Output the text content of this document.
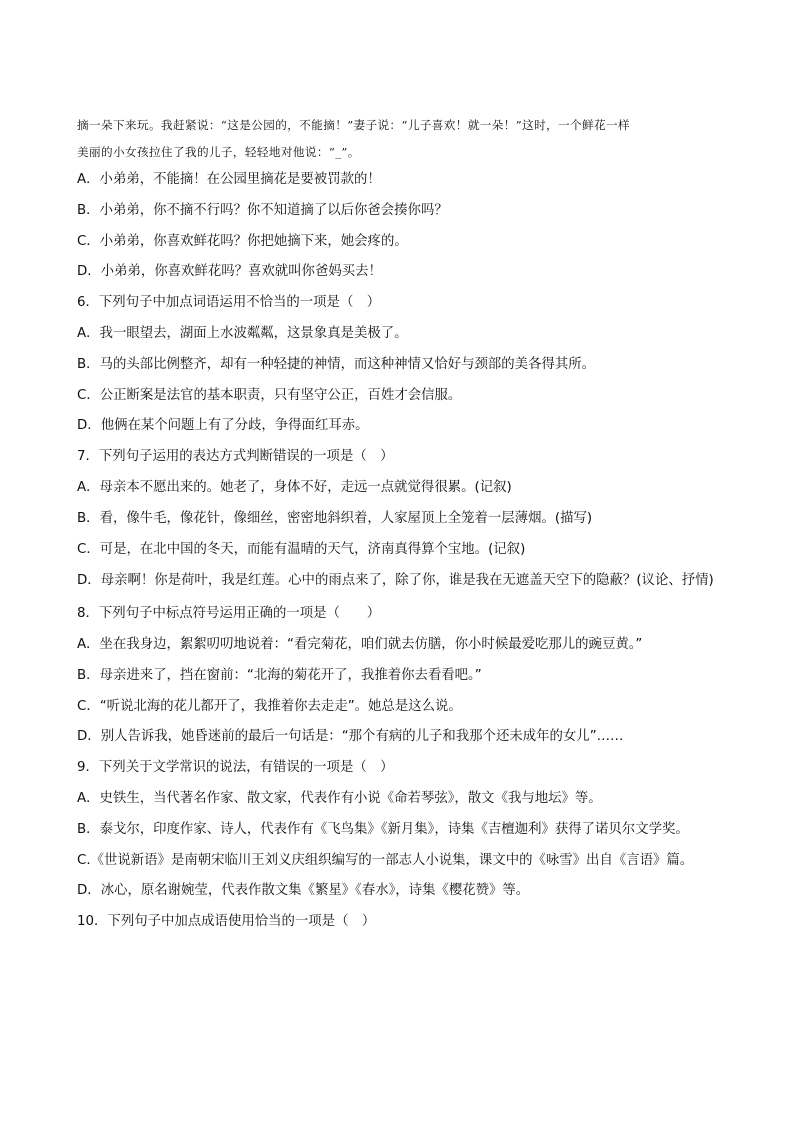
摘一朵下来玩。我赶紧说：“这是公园的，不能摘！”妻子说：“儿子喜欢！就一朵！”这时，一个鲜花一样
美丽的小女孩拉住了我的儿子，轻轻地对他说：“_”。
A．小弟弟，不能摘！在公园里摘花是要被罚款的！
B．小弟弟，你不摘不行吗？你不知道摘了以后你爸会揍你吗？
C．小弟弟，你喜欢鲜花吗？你把她摘下来，她会疼的。
D．小弟弟，你喜欢鲜花吗？喜欢就叫你爸妈买去！
6．下列句子中加点词语运用不恰当的一项是（　）
A．我一眼望去，湖面上水波粼粼，这景象真是美极了。
B．马的头部比例整齐，却有一种轻捷的神情，而这种神情又恰好与颈部的美各得其所。
C．公正断案是法官的基本职责，只有坚守公正，百姓才会信服。
D．他俩在某个问题上有了分歧，争得面红耳赤。
7．下列句子运用的表达方式判断错误的一项是（　）
A．母亲本不愿出来的。她老了，身体不好，走远一点就觉得很累。(记叙)
B．看，像牛毛，像花针，像细丝，密密地斜织着，人家屋顶上全笼着一层薄烟。(描写)
C．可是，在北中国的冬天，而能有温晴的天气，济南真得算个宝地。(记叙)
D．母亲啊！你是荷叶，我是红莲。心中的雨点来了，除了你，谁是我在无遮盖天空下的隐蔽？(议论、抒情)
8．下列句子中标点符号运用正确的一项是（　　）
A．坐在我身边，絮絮叨叨地说着：“看完菊花，咱们就去仿膳，你小时候最爱吃那儿的豌豆黄。”
B．母亲进来了，挡在窗前：“北海的菊花开了，我推着你去看看吧。”
C．“听说北海的花儿都开了，我推着你去走走”。她总是这么说。
D．别人告诉我，她昏迷前的最后一句话是：“那个有病的儿子和我那个还未成年的女儿”……
9．下列关于文学常识的说法，有错误的一项是（　）
A．史铁生，当代著名作家、散文家，代表作有小说《命若琴弦》，散文《我与地坛》等。
B．泰戈尔，印度作家、诗人，代表作有《飞鸟集》《新月集》，诗集《吉檀迦利》获得了诺贝尔文学奖。
C.《世说新语》是南朝宋临川王刘义庆组织编写的一部志人小说集，课文中的《咏雪》出自《言语》篇。
D．冰心，原名谢婉莹，代表作散文集《繁星》《春水》，诗集《樱花赞》等。
10．下列句子中加点成语使用恰当的一项是（　）
